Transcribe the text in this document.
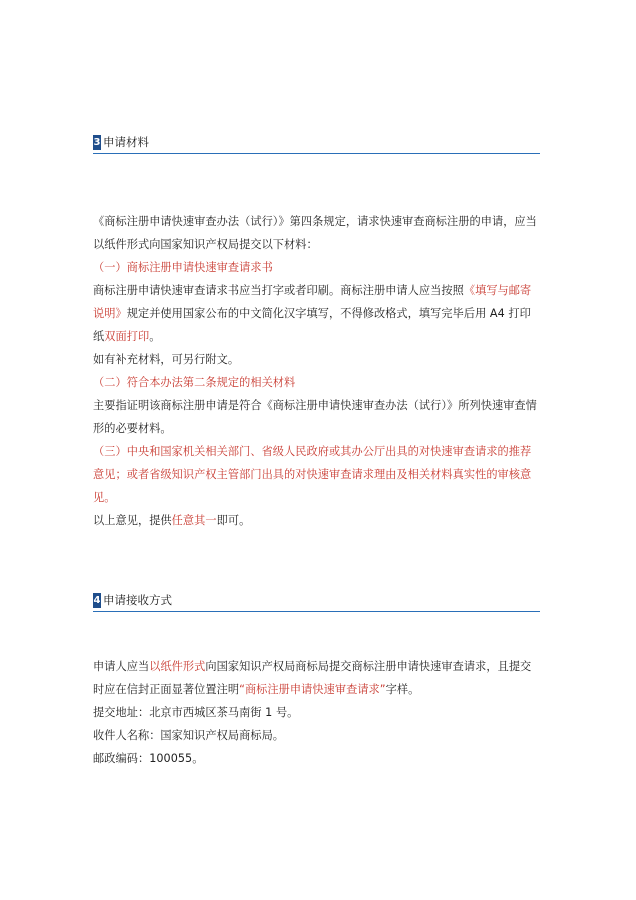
3 申请材料

《商标注册申请快速审查办法（试行）》第四条规定，请求快速审查商标注册的申请，应当以纸件形式向国家知识产权局提交以下材料：

（一）商标注册申请快速审查请求书

商标注册申请快速审查请求书应当打字或者印刷。商标注册申请人应当按照《填写与邮寄说明》规定并使用国家公布的中文简化汉字填写，不得修改格式，填写完毕后用 A4 打印纸双面打印。

如有补充材料，可另行附文。

（二）符合本办法第二条规定的相关材料

主要指证明该商标注册申请是符合《商标注册申请快速审查办法（试行）》所列快速审查情形的必要材料。

（三）中央和国家机关相关部门、省级人民政府或其办公厅出具的对快速审查请求的推荐意见；或者省级知识产权主管部门出具的对快速审查请求理由及相关材料真实性的审核意见。

以上意见，提供任意其一即可。

4 申请接收方式

申请人应当以纸件形式向国家知识产权局商标局提交商标注册申请快速审查请求，且提交时应在信封正面显著位置注明“商标注册申请快速审查请求”字样。

提交地址：北京市西城区茶马南街 1 号。

收件人名称：国家知识产权局商标局。

邮政编码：100055。
